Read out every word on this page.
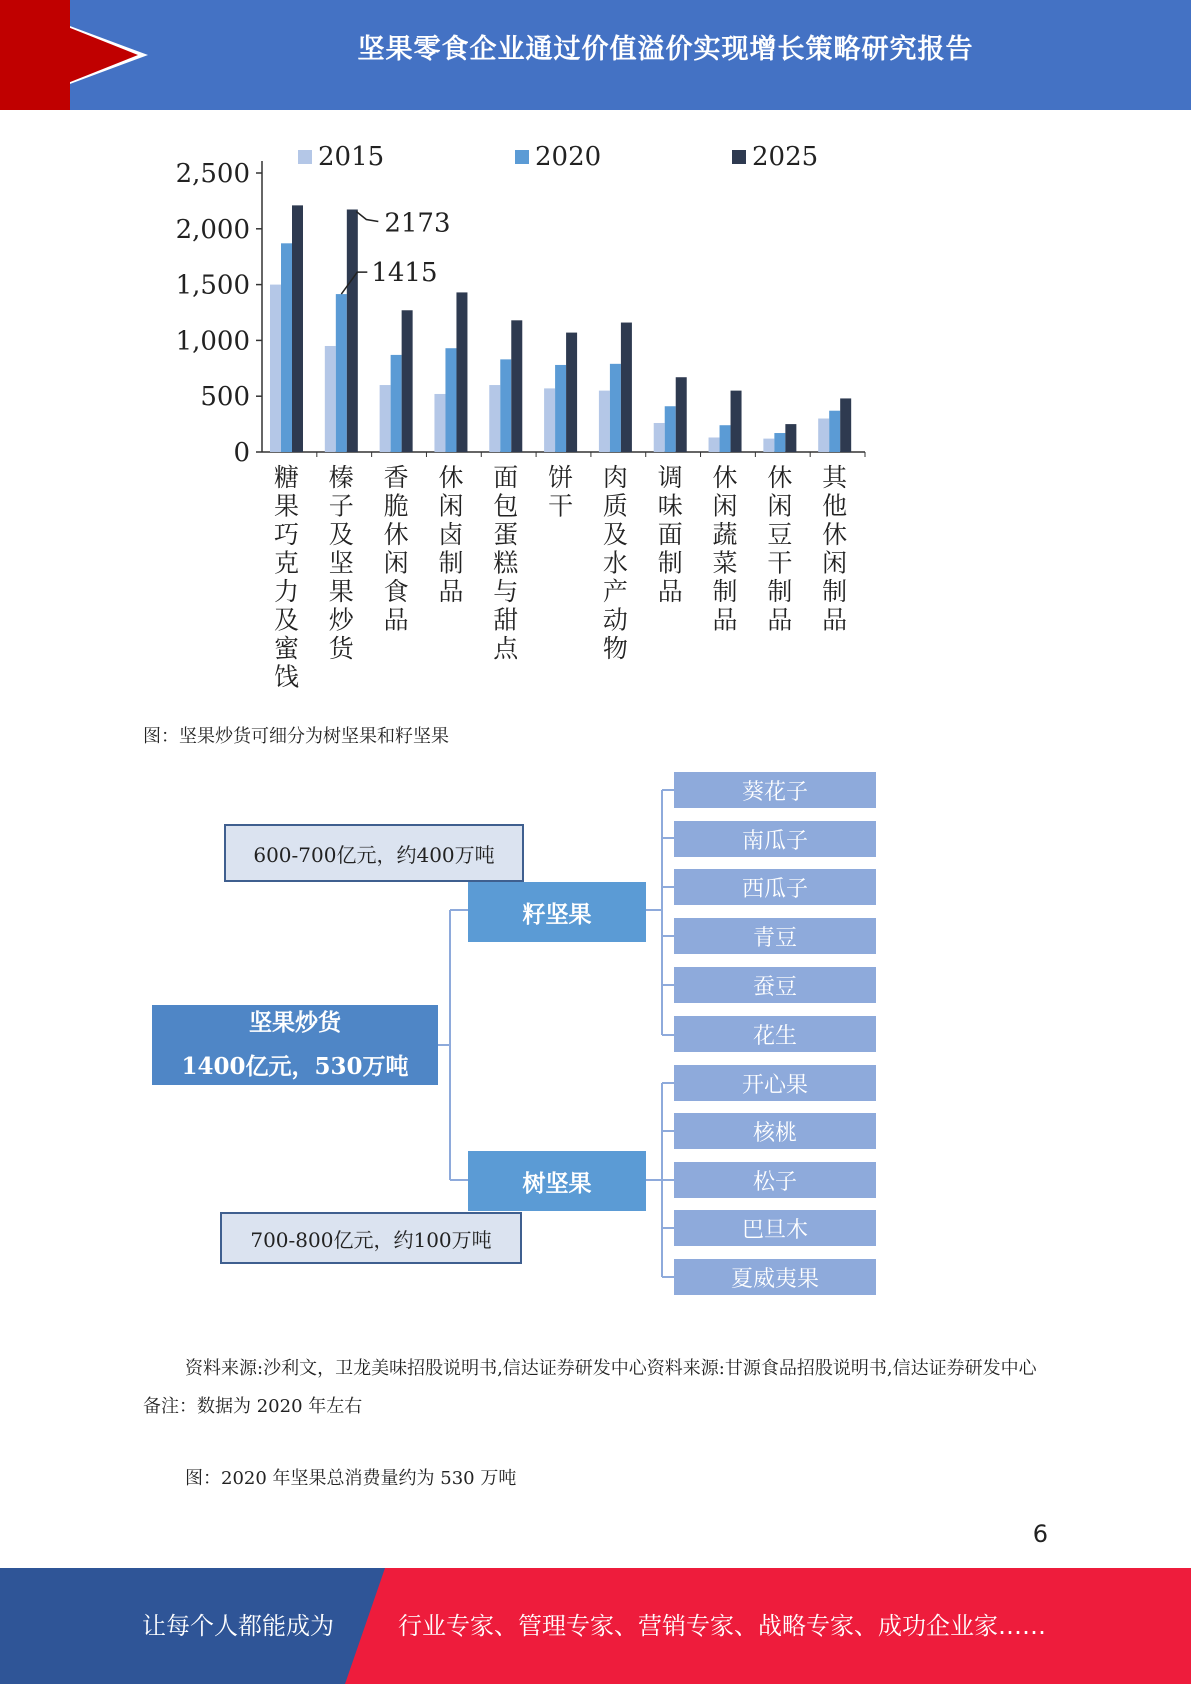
坚果零食企业通过价值溢价实现增长策略研究报告
0
500
1,000
1,500
2,000
2,500
糖
果
巧
克
力
及
蜜
饯
榛
子
及
坚
果
炒
货
香
脆
休
闲
食
品
休
闲
卤
制
品
面
包
蛋
糕
与
甜
点
饼
干
肉
质
及
水
产
动
物
调
味
面
制
品
休
闲
蔬
菜
制
品
休
闲
豆
干
制
品
其
他
休
闲
制
品
2015	2020	2025
2173
1415
图：坚果炒货可细分为树坚果和籽坚果
600-700亿元，约400万吨
700-800亿元，约100万吨
坚果炒货
1400亿元，530万吨
籽坚果
树坚果
葵花子
南瓜子
西瓜子
青豆
蚕豆
花生
开心果
核桃
松子
巴旦木
夏威夷果
资料来源:沙利文，卫龙美味招股说明书,信达证券研发中心资料来源:甘源食品招股说明书,信达证券研发中心备注：数据为 2020 年左右
图：2020 年坚果总消费量约为 530 万吨
6
让每个人都能成为	行业专家、管理专家、营销专家、战略专家、成功企业家……
